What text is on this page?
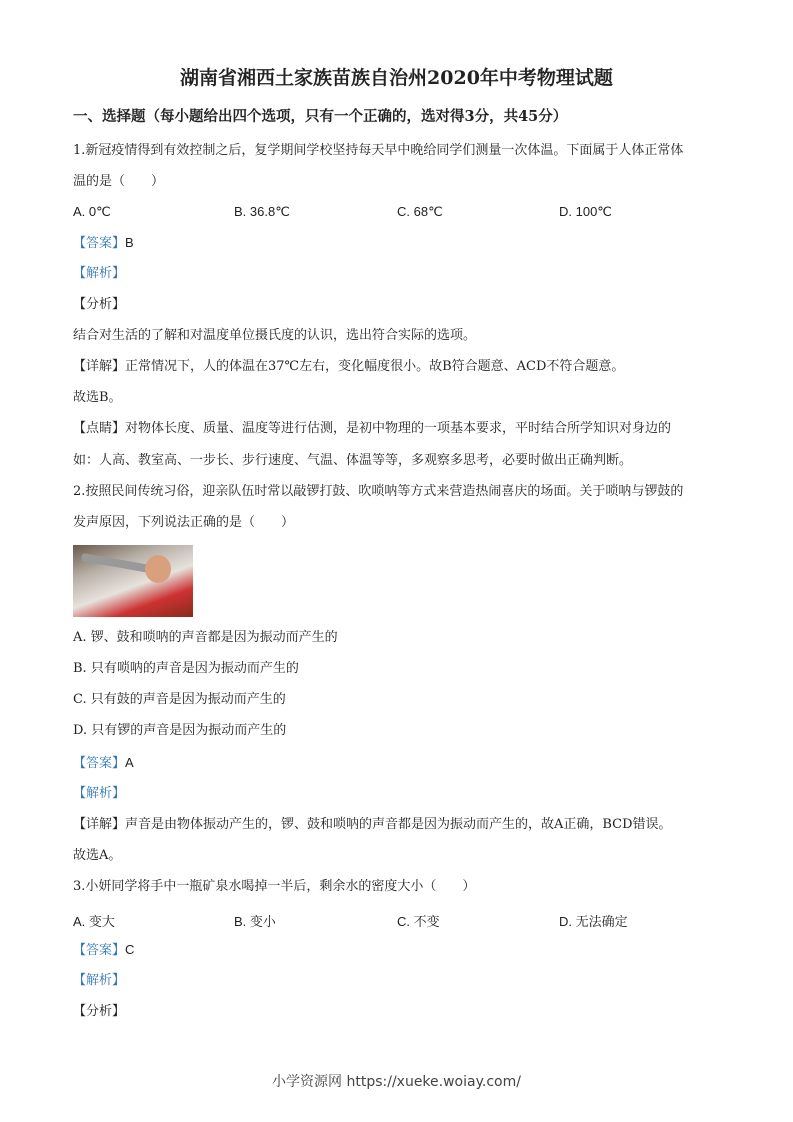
湖南省湘西土家族苗族自治州2020年中考物理试题
一、选择题（每小题给出四个选项，只有一个正确的，选对得3分，共45分）
1.新冠疫情得到有效控制之后，复学期间学校坚持每天早中晚给同学们测量一次体温。下面属于人体正常体
温的是（　　）
A. 0℃	B. 36.8℃	C. 68℃	D. 100℃
【答案】B
【解析】
【分析】
结合对生活的了解和对温度单位摄氏度的认识，选出符合实际的选项。
【详解】正常情况下，人的体温在37℃左右，变化幅度很小。故B符合题意、ACD不符合题意。
故选B。
【点睛】对物体长度、质量、温度等进行估测，是初中物理的一项基本要求，平时结合所学知识对身边的
如：人高、教室高、一步长、步行速度、气温、体温等等，多观察多思考，必要时做出正确判断。
2.按照民间传统习俗，迎亲队伍时常以敲锣打鼓、吹唢呐等方式来营造热闹喜庆的场面。关于唢呐与锣鼓的
发声原因，下列说法正确的是（　　）
A. 锣、鼓和唢呐的声音都是因为振动而产生的
B. 只有唢呐的声音是因为振动而产生的
C. 只有鼓的声音是因为振动而产生的
D. 只有锣的声音是因为振动而产生的
【答案】A
【解析】
【详解】声音是由物体振动产生的，锣、鼓和唢呐的声音都是因为振动而产生的，故A正确，BCD错误。
故选A。
3.小妍同学将手中一瓶矿泉水喝掉一半后，剩余水的密度大小（　　）
A. 变大	B. 变小	C. 不变	D. 无法确定
【答案】C
【解析】
【分析】
小学资源网 https://xueke.woiay.com/
